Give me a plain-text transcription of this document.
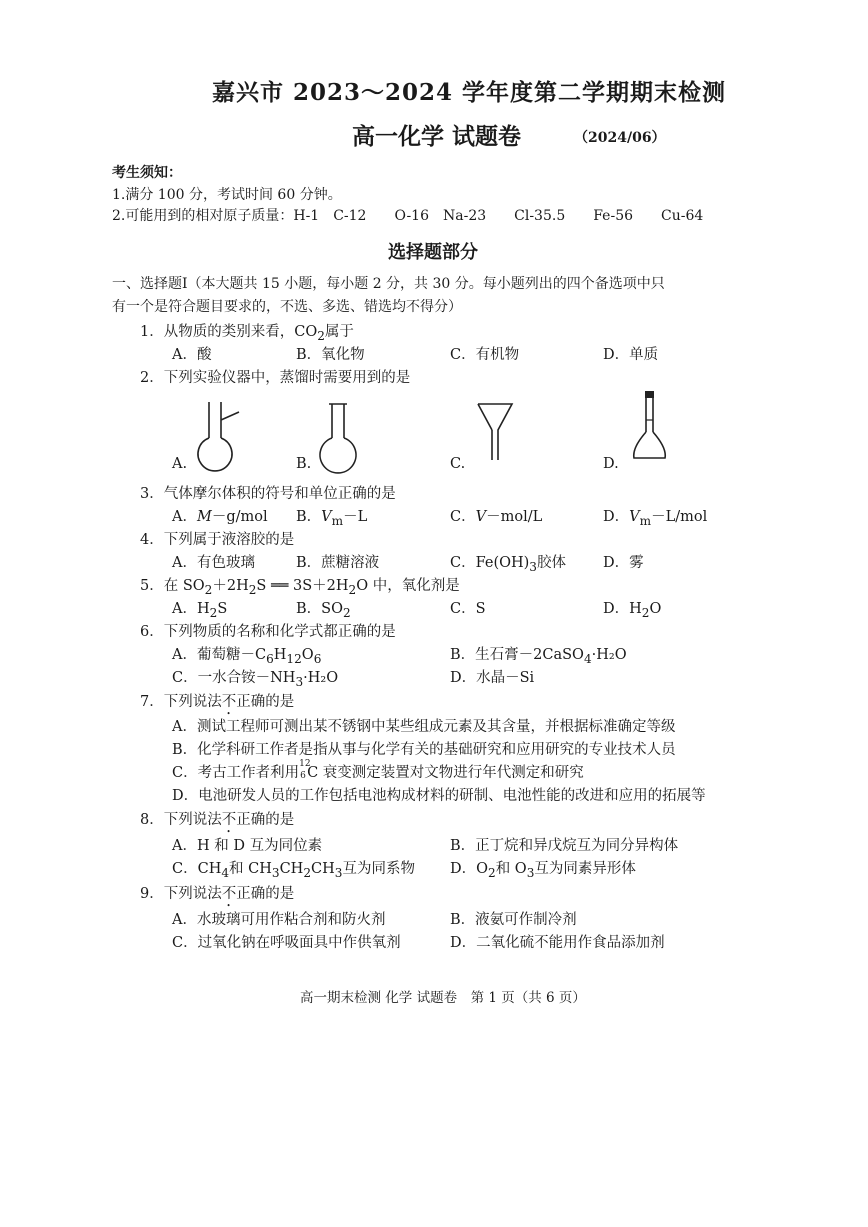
嘉兴市 2023～2024 学年度第二学期期末检测
高一化学 试题卷	（2024/06）
考生须知：
1.满分 100 分，考试时间 60 分钟。
2.可能用到的相对原子质量：H-1　C-12　　O-16　Na-23　　Cl-35.5　　Fe-56　　Cu-64
选择题部分
一、选择题Ⅰ（本大题共 15 小题，每小题 2 分，共 30 分。每小题列出的四个备选项中只
有一个是符合题目要求的，不选、多选、错选均不得分）
1．从物质的类别来看，$CO_2$属于
A．酸	B．氧化物	C．有机物	D．单质
2．下列实验仪器中，蒸馏时需要用到的是
A.	B.	C.	D.
3．气体摩尔体积的符号和单位正确的是
A．M－g/mol B．$V_m-L$	C．V－mol/L	D．$V_m-L$/mol
4．下列属于液溶胶的是
A．有色玻璃	B．蔗糖溶液	C．$Fe(OH)_3$胶体	D．雾
5．在 $SO_2+2H_2S$ ══ $3S+2H_2O$ 中，氧化剂是
A．$H_2S$	B．$SO_2$	C．S	D．$H_2O$
6．下列物质的名称和化学式都正确的是
A．葡萄糖$-C_6H_{12}O_6$	B．生石膏－2CaSO$_4$·H₂O
C．一水合铵$-NH_3\cdot H_2O$	D．水晶－Si
7．下列说法不正确的是
A．测试工程师可测出某不锈钢中某些组成元素及其含量，并根据标准确定等级
B．化学科研工作者是指从事与化学有关的基础研究和应用研究的专业技术人员
C．考古工作者利用
12
6 C 衰变测定装置对文物进行年代测定和研究
D．电池研发人员的工作包括电池构成材料的研制、电池性能的改进和应用的拓展等
8．下列说法不正确的是
A．H 和 D 互为同位素	B．正丁烷和异戊烷互为同分异构体
C．$CH_4$和 $CH_3CH_2CH_3$互为同系物 D．$O_2$和 $O_3$互为同素异形体
9．下列说法不正确的是
A．水玻璃可用作粘合剂和防火剂	B．液氨可作制冷剂
C．过氧化钠在呼吸面具中作供氧剂	D．二氧化硫不能用作食品添加剂
高一期末检测 化学 试题卷　第 1 页（共 6 页）
